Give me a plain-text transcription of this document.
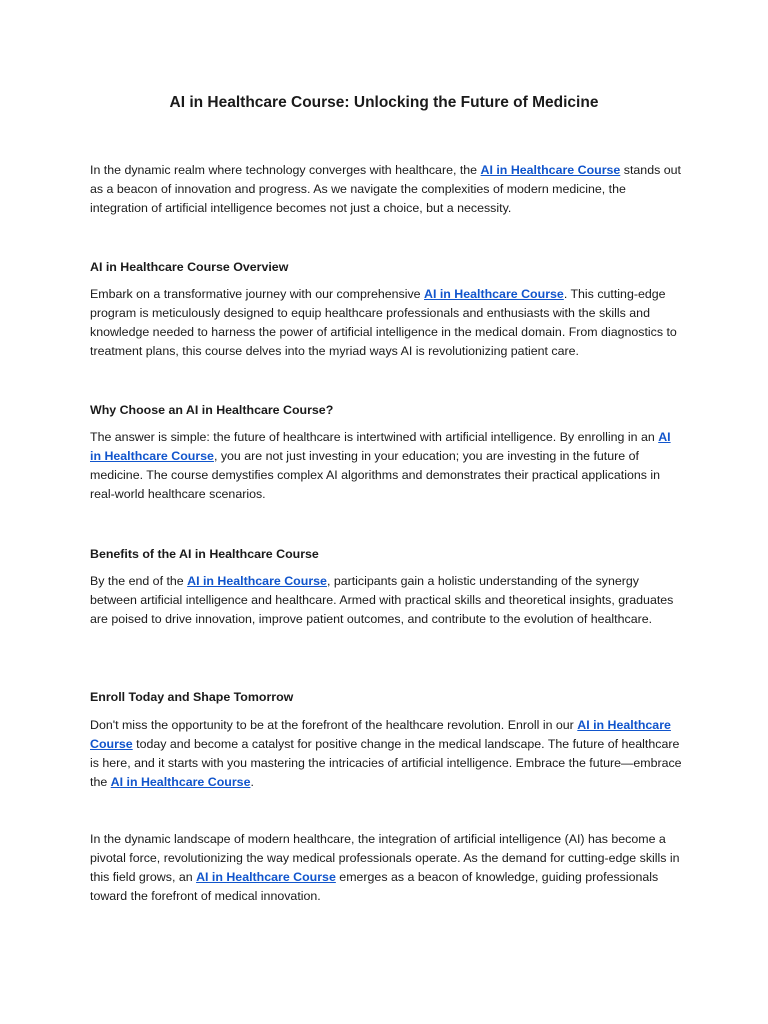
AI in Healthcare Course: Unlocking the Future of Medicine

In the dynamic realm where technology converges with healthcare, the AI in Healthcare Course stands out as a beacon of innovation and progress. As we navigate the complexities of modern medicine, the integration of artificial intelligence becomes not just a choice, but a necessity.

AI in Healthcare Course Overview

Embark on a transformative journey with our comprehensive AI in Healthcare Course. This cutting-edge program is meticulously designed to equip healthcare professionals and enthusiasts with the skills and knowledge needed to harness the power of artificial intelligence in the medical domain. From diagnostics to treatment plans, this course delves into the myriad ways AI is revolutionizing patient care.

Why Choose an AI in Healthcare Course?

The answer is simple: the future of healthcare is intertwined with artificial intelligence. By enrolling in an AI in Healthcare Course, you are not just investing in your education; you are investing in the future of medicine. The course demystifies complex AI algorithms and demonstrates their practical applications in real-world healthcare scenarios.

Benefits of the AI in Healthcare Course

By the end of the AI in Healthcare Course, participants gain a holistic understanding of the synergy between artificial intelligence and healthcare. Armed with practical skills and theoretical insights, graduates are poised to drive innovation, improve patient outcomes, and contribute to the evolution of healthcare.

Enroll Today and Shape Tomorrow

Don't miss the opportunity to be at the forefront of the healthcare revolution. Enroll in our AI in Healthcare Course today and become a catalyst for positive change in the medical landscape. The future of healthcare is here, and it starts with you mastering the intricacies of artificial intelligence. Embrace the future—embrace the AI in Healthcare Course.

In the dynamic landscape of modern healthcare, the integration of artificial intelligence (AI) has become a pivotal force, revolutionizing the way medical professionals operate. As the demand for cutting-edge skills in this field grows, an AI in Healthcare Course emerges as a beacon of knowledge, guiding professionals toward the forefront of medical innovation.
